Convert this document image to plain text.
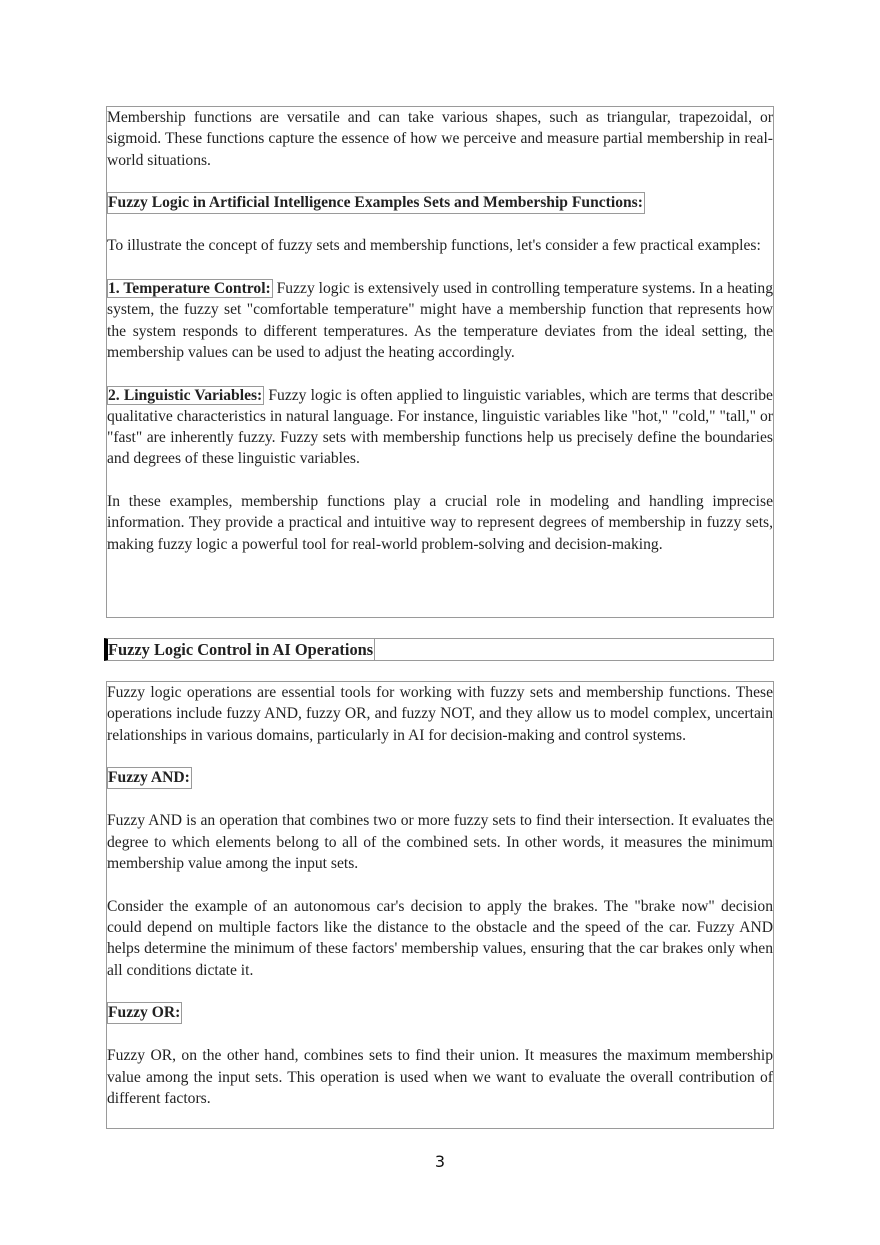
Membership functions are versatile and can take various shapes, such as triangular, trapezoidal, or sigmoid. These functions capture the essence of how we perceive and measure partial membership in real-world situations.

Fuzzy Logic in Artificial Intelligence Examples Sets and Membership Functions:

To illustrate the concept of fuzzy sets and membership functions, let's consider a few practical examples:

1. Temperature Control: Fuzzy logic is extensively used in controlling temperature systems. In a heating system, the fuzzy set "comfortable temperature" might have a membership function that represents how the system responds to different temperatures. As the temperature deviates from the ideal setting, the membership values can be used to adjust the heating accordingly.

2. Linguistic Variables: Fuzzy logic is often applied to linguistic variables, which are terms that describe qualitative characteristics in natural language. For instance, linguistic variables like "hot," "cold," "tall," or "fast" are inherently fuzzy. Fuzzy sets with membership functions help us precisely define the boundaries and degrees of these linguistic variables.

In these examples, membership functions play a crucial role in modeling and handling imprecise information. They provide a practical and intuitive way to represent degrees of membership in fuzzy sets, making fuzzy logic a powerful tool for real-world problem-solving and decision-making.

Fuzzy Logic Control in AI Operations

Fuzzy logic operations are essential tools for working with fuzzy sets and membership functions. These operations include fuzzy AND, fuzzy OR, and fuzzy NOT, and they allow us to model complex, uncertain relationships in various domains, particularly in AI for decision-making and control systems.

Fuzzy AND:

Fuzzy AND is an operation that combines two or more fuzzy sets to find their intersection. It evaluates the degree to which elements belong to all of the combined sets. In other words, it measures the minimum membership value among the input sets.

Consider the example of an autonomous car's decision to apply the brakes. The "brake now" decision could depend on multiple factors like the distance to the obstacle and the speed of the car. Fuzzy AND helps determine the minimum of these factors' membership values, ensuring that the car brakes only when all conditions dictate it.

Fuzzy OR:

Fuzzy OR, on the other hand, combines sets to find their union. It measures the maximum membership value among the input sets. This operation is used when we want to evaluate the overall contribution of different factors.

3
